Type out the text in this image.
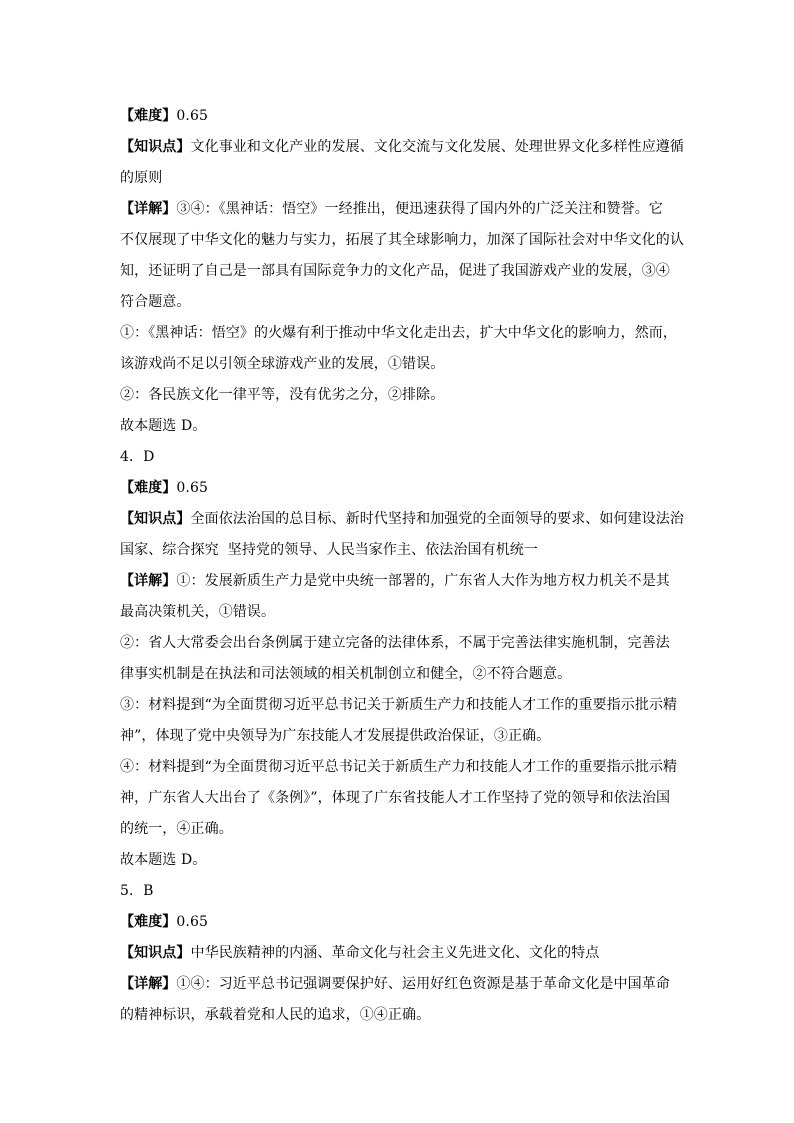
【难度】0.65
【知识点】文化事业和文化产业的发展、文化交流与文化发展、处理世界文化多样性应遵循
的原则
【详解】③④：《黑神话：悟空》一经推出，便迅速获得了国内外的广泛关注和赞誉。它
不仅展现了中华文化的魅力与实力，拓展了其全球影响力，加深了国际社会对中华文化的认
知，还证明了自己是一部具有国际竞争力的文化产品，促进了我国游戏产业的发展，③④
符合题意。
①：《黑神话：悟空》的火爆有利于推动中华文化走出去，扩大中华文化的影响力，然而，
该游戏尚不足以引领全球游戏产业的发展，①错误。
②：各民族文化一律平等，没有优劣之分，②排除。
故本题选 D。
4．D
【难度】0.65
【知识点】全面依法治国的总目标、新时代坚持和加强党的全面领导的要求、如何建设法治
国家、综合探究  坚持党的领导、人民当家作主、依法治国有机统一
【详解】①：发展新质生产力是党中央统一部署的，广东省人大作为地方权力机关不是其
最高决策机关，①错误。
②：省人大常委会出台条例属于建立完备的法律体系，不属于完善法律实施机制，完善法
律事实机制是在执法和司法领域的相关机制创立和健全，②不符合题意。
③：材料提到“为全面贯彻习近平总书记关于新质生产力和技能人才工作的重要指示批示精
神”，体现了党中央领导为广东技能人才发展提供政治保证，③正确。
④：材料提到“为全面贯彻习近平总书记关于新质生产力和技能人才工作的重要指示批示精
神，广东省人大出台了《条例》”，体现了广东省技能人才工作坚持了党的领导和依法治国
的统一，④正确。
故本题选 D。
5．B
【难度】0.65
【知识点】中华民族精神的内涵、革命文化与社会主义先进文化、文化的特点
【详解】①④：习近平总书记强调要保护好、运用好红色资源是基于革命文化是中国革命
的精神标识，承载着党和人民的追求，①④正确。
